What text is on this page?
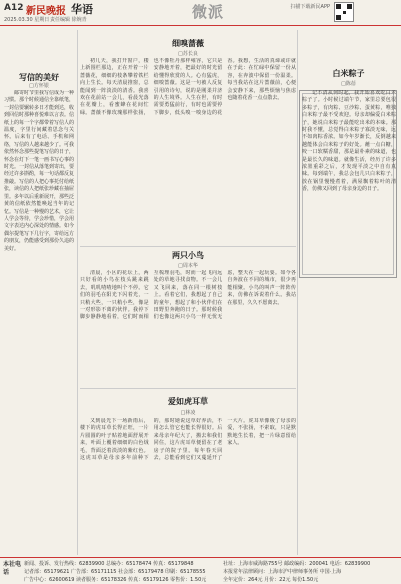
A12 新民晚报 华语
2025.03.30 星期日 责任编辑 徐婉青	微派	扫描下载新民APP
写信的美好
□方怀银

邮寄时节里我写信成为一种习惯。那个时候通信全靠纸笔，一封信要辗转多日才能到达，收到回信时那种喜悦难以言表。信纸上的每一个字都带着写信人的温度，字里行间藏着思念与关怀。后来有了电话、手机和网络，写信的人越来越少了。可我依然怀念那些提笔写信的日子，怀念在灯下一笔一画书写心事的时光。一封信从落笔到寄出，要经过许多斟酌，每一句话都反复推敲。写信的人把心事托付给纸张，读信的人把纸张珍藏在抽屉里。多年以后重新展开，那些泛黄的信纸依然能唤起当年的记忆。写信是一种慢的艺术，它让人学会等待，学会珍惜，学会用文字表达内心深处的情感。如今偶尔提笔写下几行字，寄给远方的朋友，仍能感受到那份久违的美好。

细嗅蔷薇
□苏长良

初几天，我打开窗户，楼上新围栏那边，正在开着一片蔷薇花，细细的枝条攀着铁栏向上生长。每天清晨推窗，总能闻到一阵淡淡的清香。我喜欢在花前站一会儿，看晨光落在花瓣上，看蜜蜂在花间忙碌。蔷薇不像玫瑰那样张扬，也不像牡丹那样雍容，它只是安静地开着，把最好的时光留给懂得欣赏的人。心有猛虎，细嗅蔷薇。这是一句被人反复引用的诗句，说的是刚柔并济的人生境界。人生在世，有时需要勇猛前行，有时也需要停下脚步，低头嗅一嗅身边的花香。我想，生活的真谛或许就在于此：在忙碌中保留一份从容，在奔波中保留一份温柔。每当我站在这片蔷薇前，心便会安静下来，那些烦恼与焦虑也随着花香一点点散去。

两只小鸟
□周本华

清晨，小区的花坛上，两只好看的小鸟在枝头跳来跳去，叽叽喳喳地叫个不停。它们的羽毛在阳光下闪着光，一只稍大些，一只稍小些，像是一对形影不离的伙伴。我停下脚步静静地看着，它们时而相互梳理羽毛，时而一起飞向远处的草地寻找食物。不一会儿又飞回来，落在同一根树枝上。看着它们，我想起了自己的童年，想起了和小伙伴们在田野里奔跑的日子。那时候我们也像这两只小鸟一样无忧无虑，整天在一起玩耍。如今各自奔波在不同的城市，很少再能相聚。小鸟的叫声一阵阵传来，仿佛在诉说着什么。我站在那里，久久不愿离去。

爱如虎耳草
□林凌

又到晨光下一场新雨后，楼下的虎耳草长得正旺，一片片圆圆的叶子贴着地面舒展开来，叶面上覆着细细的白色绒毛，背面泛着淡淡的紫红色。这虎耳草是母亲多年前种下的，那时她说这草好养活，不用怎么管它也能长得很好。后来母亲年纪大了，搬去和我们同住，这片虎耳草便留在了老房子的院子里。每年春天回去，总能看到它们又蔓延开了一大片。虎耳草像极了母亲的爱，不张扬，不索取，只是默默地生长着，把一片绿意留给家人。

白米粽子
□陈蓓

记不清从何时起，我开始喜欢吃白米粽子了。小时候过端午节，家里总要包很多粽子，有肉粽、豆沙粽、蛋黄粽，唯独白米粽子最不受欢迎。母亲却偏爱白米粽子，她说白米粽子最能吃出米的本味。那时我不懂，总觉得白米粽子寡淡无味，远不如肉粽香浓。如今年岁渐长，反倒越来越能体会白米粽子的好处。蘸一点白糖，咬一口软糯香甜，那是最朴素的味道，也是最长久的味道。就像生活，经历了许多浓墨重彩之后，才发现平淡之中自有真味。每到端午，我总会包几只白米粽子，放在锅里慢慢煮着，满屋飘着粽叶的清香，仿佛又回到了母亲身边的日子。

本社电话
新闻、投诉、发行热线：62839900 总编办：65178474 传真：65179848
记者部：65179621 广告部：65171115 社会部：65179478 印刷：65178555
广告中心：62600619 读者服务：65178326 传真：65179126 零售价：1.50元
社址：上海市威海路755号 邮政编码：200041 电话：62839900
本报常年法律顾问：上海市沪中律师事务所 中国·上海
全年定价：264元 月价：22元 每份1.50元
